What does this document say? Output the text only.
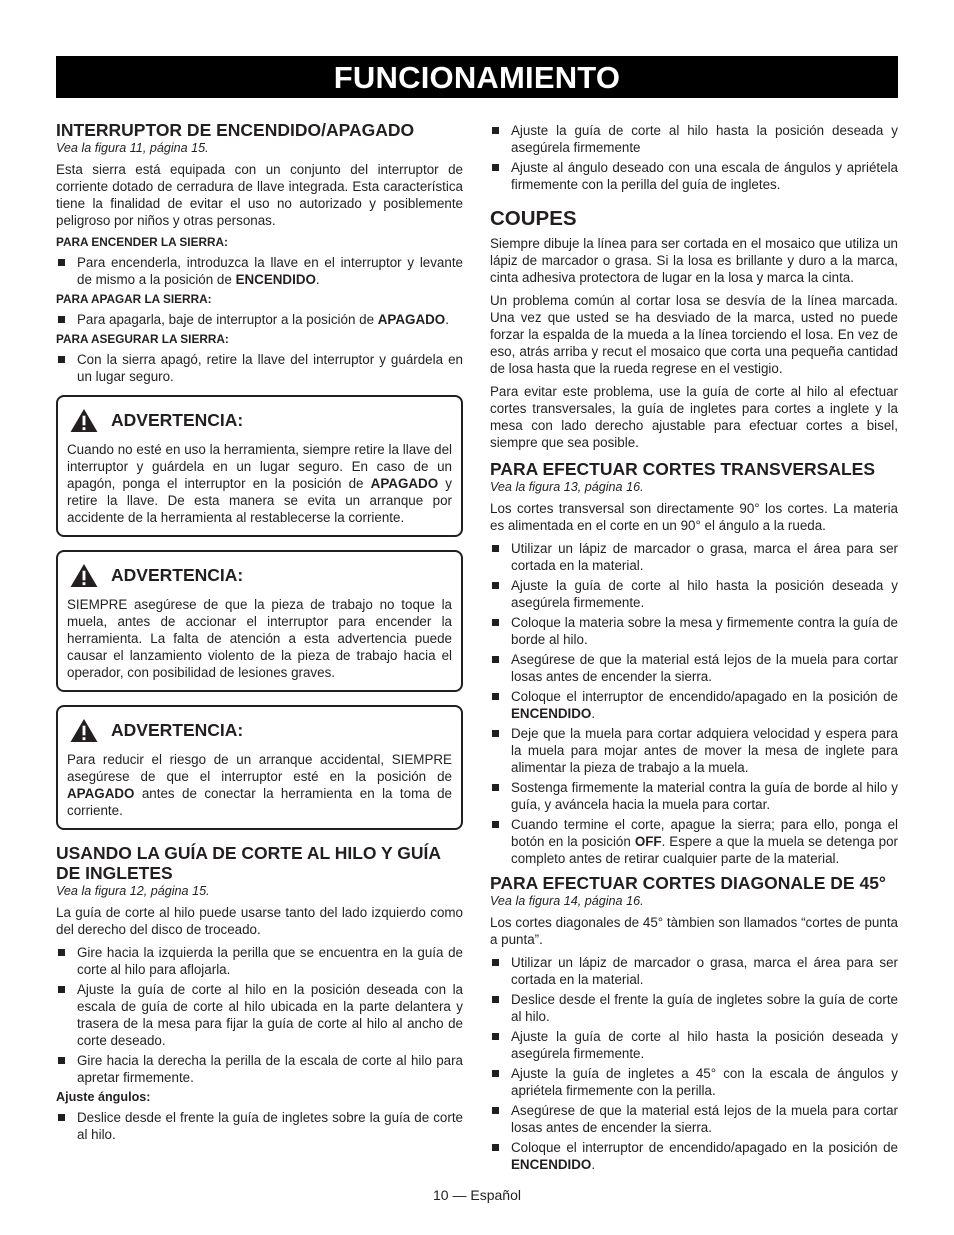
FUNCIONAMIENTO
INTERRUPTOR DE ENCENDIDO/APAGADO
Vea la figura 11, página 15.

Esta sierra está equipada con un conjunto del interruptor de corriente dotado de cerradura de llave integrada. Esta característica tiene la finalidad de evitar el uso no autorizado y posiblemente peligroso por niños y otras personas.

PARA ENCENDER LA SIERRA:
Para encenderla, introduzca la llave en el interruptor y levante de mismo a la posición de ENCENDIDO.
PARA APAGAR LA SIERRA:
Para apagarla, baje de interruptor a la posición de APAGADO.
PARA ASEGURAR LA SIERRA:
Con la sierra apagó, retire la llave del interruptor y guárdela en un lugar seguro.
ADVERTENCIA:

Cuando no esté en uso la herramienta, siempre retire la llave del interruptor y guárdela en un lugar seguro. En caso de un apagón, ponga el interruptor en la posición de APAGADO y retire la llave. De esta manera se evita un arranque por accidente de la herramienta al restablecerse la corriente.

ADVERTENCIA:

SIEMPRE asegúrese de que la pieza de trabajo no toque la muela, antes de accionar el interruptor para encender la herramienta. La falta de atención a esta advertencia puede causar el lanzamiento violento de la pieza de trabajo hacia el operador, con posibilidad de lesiones graves.

ADVERTENCIA:

Para reducir el riesgo de un arranque accidental, SIEMPRE asegúrese de que el interruptor esté en la posición de APAGADO antes de conectar la herramienta en la toma de corriente.

USANDO LA GUÍA DE CORTE AL HILO Y GUÍA DE INGLETES
Vea la figura 12, página 15.

La guía de corte al hilo puede usarse tanto del lado izquierdo como del derecho del disco de troceado.

Gire hacia la izquierda la perilla que se encuentra en la guía de corte al hilo para aflojarla.
Ajuste la guía de corte al hilo en la posición deseada con la escala de guía de corte al hilo ubicada en la parte delantera y trasera de la mesa para fijar la guía de corte al hilo al ancho de corte deseado.
Gire hacia la derecha la perilla de la escala de corte al hilo para apretar firmemente.
Ajuste ángulos:
Deslice desde el frente la guía de ingletes sobre la guía de corte al hilo.
Ajuste la guía de corte al hilo hasta la posición deseada y asegúrela firmemente
Ajuste al ángulo deseado con una escala de ángulos y apriétela firmemente con la perilla del guía de ingletes.
COUPES

Siempre dibuje la línea para ser cortada en el mosaico que utiliza un lápiz de marcador o grasa. Si la losa es brillante y duro a la marca, cinta adhesiva protectora de lugar en la losa y marca la cinta.

Un problema común al cortar losa se desvía de la línea marcada. Una vez que usted se ha desviado de la marca, usted no puede forzar la espalda de la mueda a la línea torciendo el losa. En vez de eso, atrás arriba y recut el mosaico que corta una pequeña cantidad de losa hasta que la rueda regrese en el vestigio.

Para evitar este problema, use la guía de corte al hilo al efectuar cortes transversales, la guía de ingletes para cortes a inglete y la mesa con lado derecho ajustable para efectuar cortes a bisel, siempre que sea posible.

PARA EFECTUAR CORTES TRANSVERSALES
Vea la figura 13, página 16.

Los cortes transversal son directamente 90° los cortes. La materia es alimentada en el corte en un 90° el ángulo a la rueda.

Utilizar un lápiz de marcador o grasa, marca el área para ser cortada en la material.
Ajuste la guía de corte al hilo hasta la posición deseada y asegúrela firmemente.
Coloque la materia sobre la mesa y firmemente contra la guía de borde al hilo.
Asegúrese de que la material está lejos de la muela para cortar losas antes de encender la sierra.
Coloque el interruptor de encendido/apagado en la posición de ENCENDIDO.
Deje que la muela para cortar adquiera velocidad y espera para la muela para mojar antes de mover la mesa de inglete para alimentar la pieza de trabajo a la muela.
Sostenga firmemente la material contra la guía de borde al hilo y guía, y aváncela hacia la muela para cortar.
Cuando termine el corte, apague la sierra; para ello, ponga el botón en la posición OFF. Espere a que la muela se detenga por completo antes de retirar cualquier parte de la material.
PARA EFECTUAR CORTES DIAGONALE DE 45°
Vea la figura 14, página 16.

Los cortes diagonales de 45° tàmbien son llamados “cortes de punta a punta”.

Utilizar un lápiz de marcador o grasa, marca el área para ser cortada en la material.
Deslice desde el frente la guía de ingletes sobre la guía de corte al hilo.
Ajuste la guía de corte al hilo hasta la posición deseada y asegúrela firmemente.
Ajuste la guía de ingletes a 45° con la escala de ángulos y apriétela firmemente con la perilla.
Asegúrese de que la material está lejos de la muela para cortar losas antes de encender la sierra.
Coloque el interruptor de encendido/apagado en la posición de ENCENDIDO.
10 — Español
